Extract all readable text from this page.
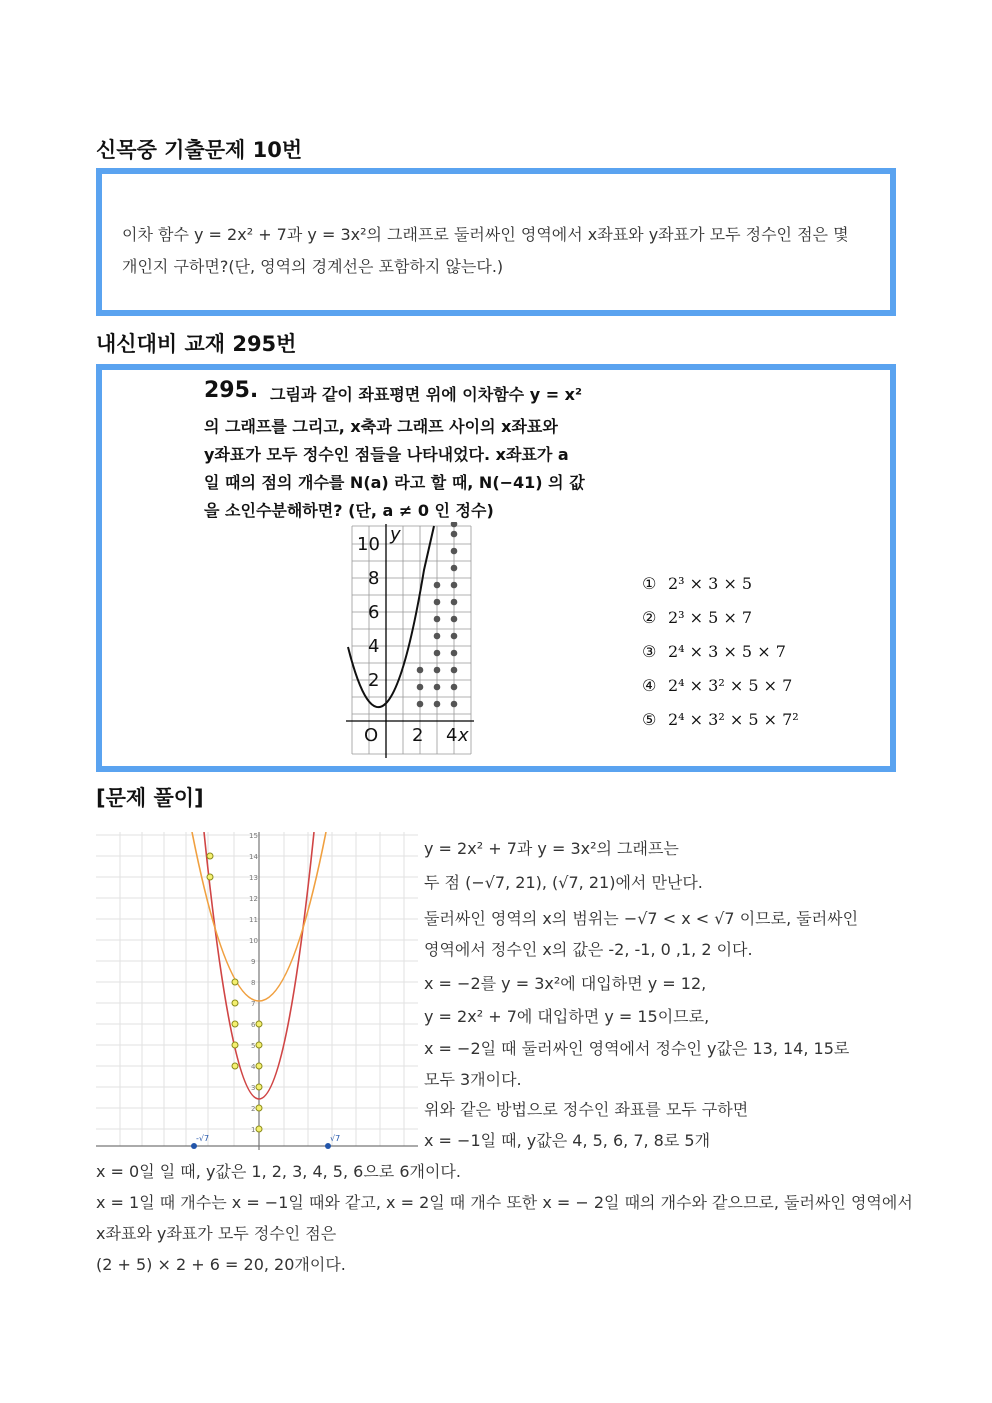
신목중 기출문제 10번
이차 함수 y = 2x² + 7과 y = 3x²의 그래프로 둘러싸인 영역에서 x좌표와 y좌표가 모두 정수인 점은 몇
개인지 구하면?(단, 영역의 경계선은 포함하지 않는다.)
내신대비 교재 295번
295. 그림과 같이 좌표평면 위에 이차함수 y = x²
의 그래프를 그리고, x축과 그래프 사이의 x좌표와
y좌표가 모두 정수인 점들을 나타내었다. x좌표가 a
일 때의 점의 개수를 N(a) 라고 할 때, N(−41) 의 값
을 소인수분해하면? (단, a ≠ 0 인 정수)
10
8
6
4
2
O 2 4 x
y
① 2³ × 3 × 5
② 2³ × 5 × 7
③ 2⁴ × 3 × 5 × 7
④ 2⁴ × 3² × 5 × 7
⑤ 2⁴ × 3² × 5 × 7²
[문제 풀이]
15
14
13
12
11
10
9
8
7
6
5
4
3
2
1
-√7	√7
y = 2x² + 7과 y = 3x²의 그래프는
두 점 (−√7, 21), (√7, 21)에서 만난다.
둘러싸인 영역의 x의 범위는 −√7 < x < √7 이므로, 둘러싸인
영역에서 정수인 x의 값은 -2, -1, 0 ,1, 2 이다.
x = −2를 y = 3x²에 대입하면 y = 12,
y = 2x² + 7에 대입하면 y = 15이므로,
x = −2일 때 둘러싸인 영역에서 정수인 y값은 13, 14, 15로
모두 3개이다.
위와 같은 방법으로 정수인 좌표를 모두 구하면
x = −1일 때, y값은 4, 5, 6, 7, 8로 5개
x = 0일 일 때, y값은 1, 2, 3, 4, 5, 6으로 6개이다.
x = 1일 때 개수는 x = −1일 때와 같고, x = 2일 때 개수 또한 x = − 2일 때의 개수와 같으므로, 둘러싸인 영역에서
x좌표와 y좌표가 모두 정수인 점은
(2 + 5) × 2 + 6 = 20, 20개이다.
